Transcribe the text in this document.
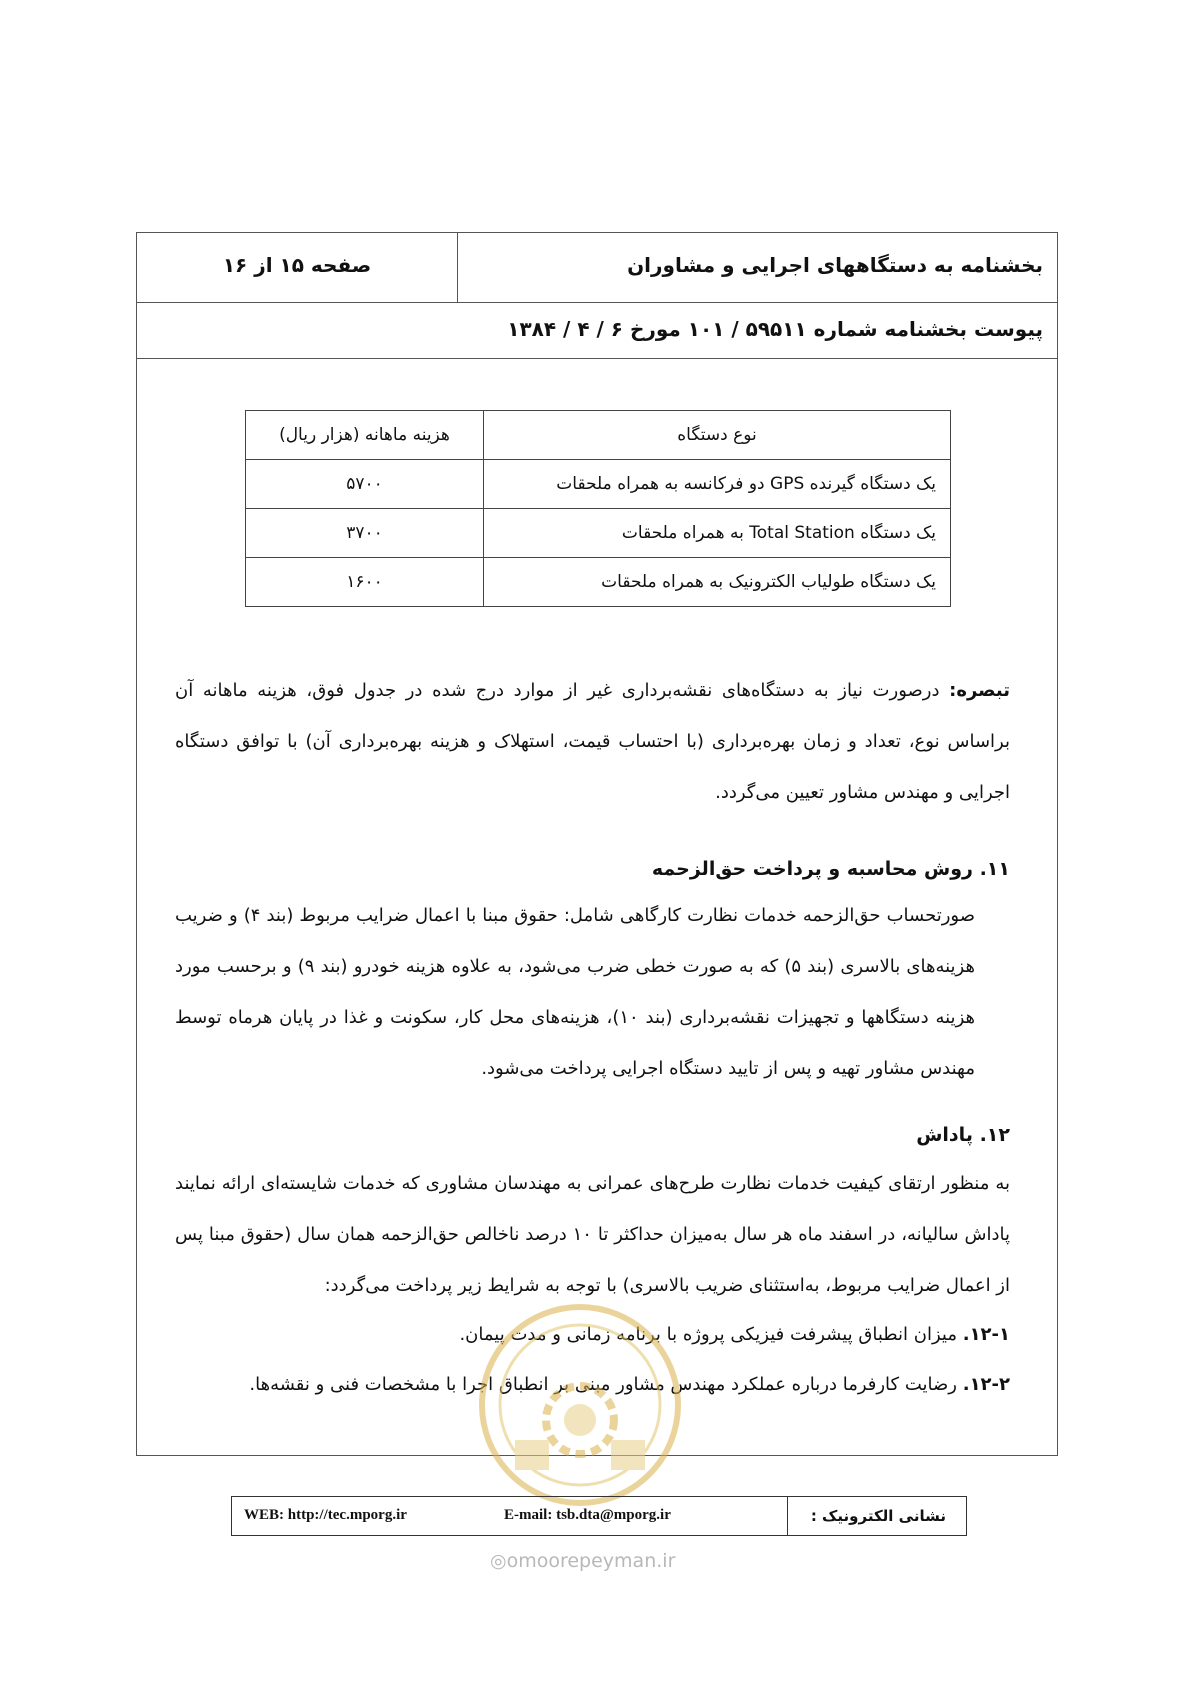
بخشنامه به دستگاههای اجرایی و مشاوران
صفحه ۱۵ از ۱۶
پیوست بخشنامه شماره ۵۹۵۱۱ / ۱۰۱ مورخ ۶ / ۴ / ۱۳۸۴
نوع دستگاه	هزینه ماهانه (هزار ریال)
یک دستگاه گیرنده GPS دو فرکانسه به همراه ملحقات	۵۷۰۰
یک دستگاه Total Station به همراه ملحقات	۳۷۰۰
یک دستگاه طولیاب الکترونیک به همراه ملحقات	۱۶۰۰
تبصره: درصورت نیاز به دستگاه‌های نقشه‌برداری غیر از موارد درج شده در جدول فوق، هزینه ماهانه آن براساس نوع، تعداد و زمان بهره‌برداری (با احتساب قیمت، استهلاک و هزینه بهره‌برداری آن) با توافق دستگاه اجرایی و مهندس مشاور تعیین می‌گردد.
۱۱. روش محاسبه و پرداخت حق‌الزحمه
صورتحساب حق‌الزحمه خدمات نظارت کارگاهی شامل: حقوق مبنا با اعمال ضرایب مربوط (بند ۴) و ضریب هزینه‌های بالاسری (بند ۵) که به صورت خطی ضرب می‌شود، به علاوه هزینه خودرو (بند ۹) و برحسب مورد هزینه دستگاهها و تجهیزات نقشه‌برداری (بند ۱۰)، هزینه‌های محل کار، سکونت و غذا در پایان هرماه توسط مهندس مشاور تهیه و پس از تایید دستگاه اجرایی پرداخت می‌شود.
۱۲. پاداش
به منظور ارتقای کیفیت خدمات نظارت طرح‌های عمرانی به مهندسان مشاوری که خدمات شایسته‌ای ارائه نمایند پاداش سالیانه، در اسفند ماه هر سال به‌میزان حداکثر تا ۱۰ درصد ناخالص حق‌الزحمه همان سال (حقوق مبنا پس از اعمال ضرایب مربوط، به‌استثنای ضریب بالاسری) با توجه به شرایط زیر پرداخت می‌گردد:
۱۲-۱. میزان انطباق پیشرفت فیزیکی پروژه با برنامه زمانی و مدت پیمان.
۱۲-۲. رضایت کارفرما درباره عملکرد مهندس مشاور مبنی بر انطباق اجرا با مشخصات فنی و نقشه‌ها.
نشانی الکترونیک :
WEB: http://tec.mporg.ir	E-mail: tsb.dta@mporg.ir
◎omoorepeyman.ir
